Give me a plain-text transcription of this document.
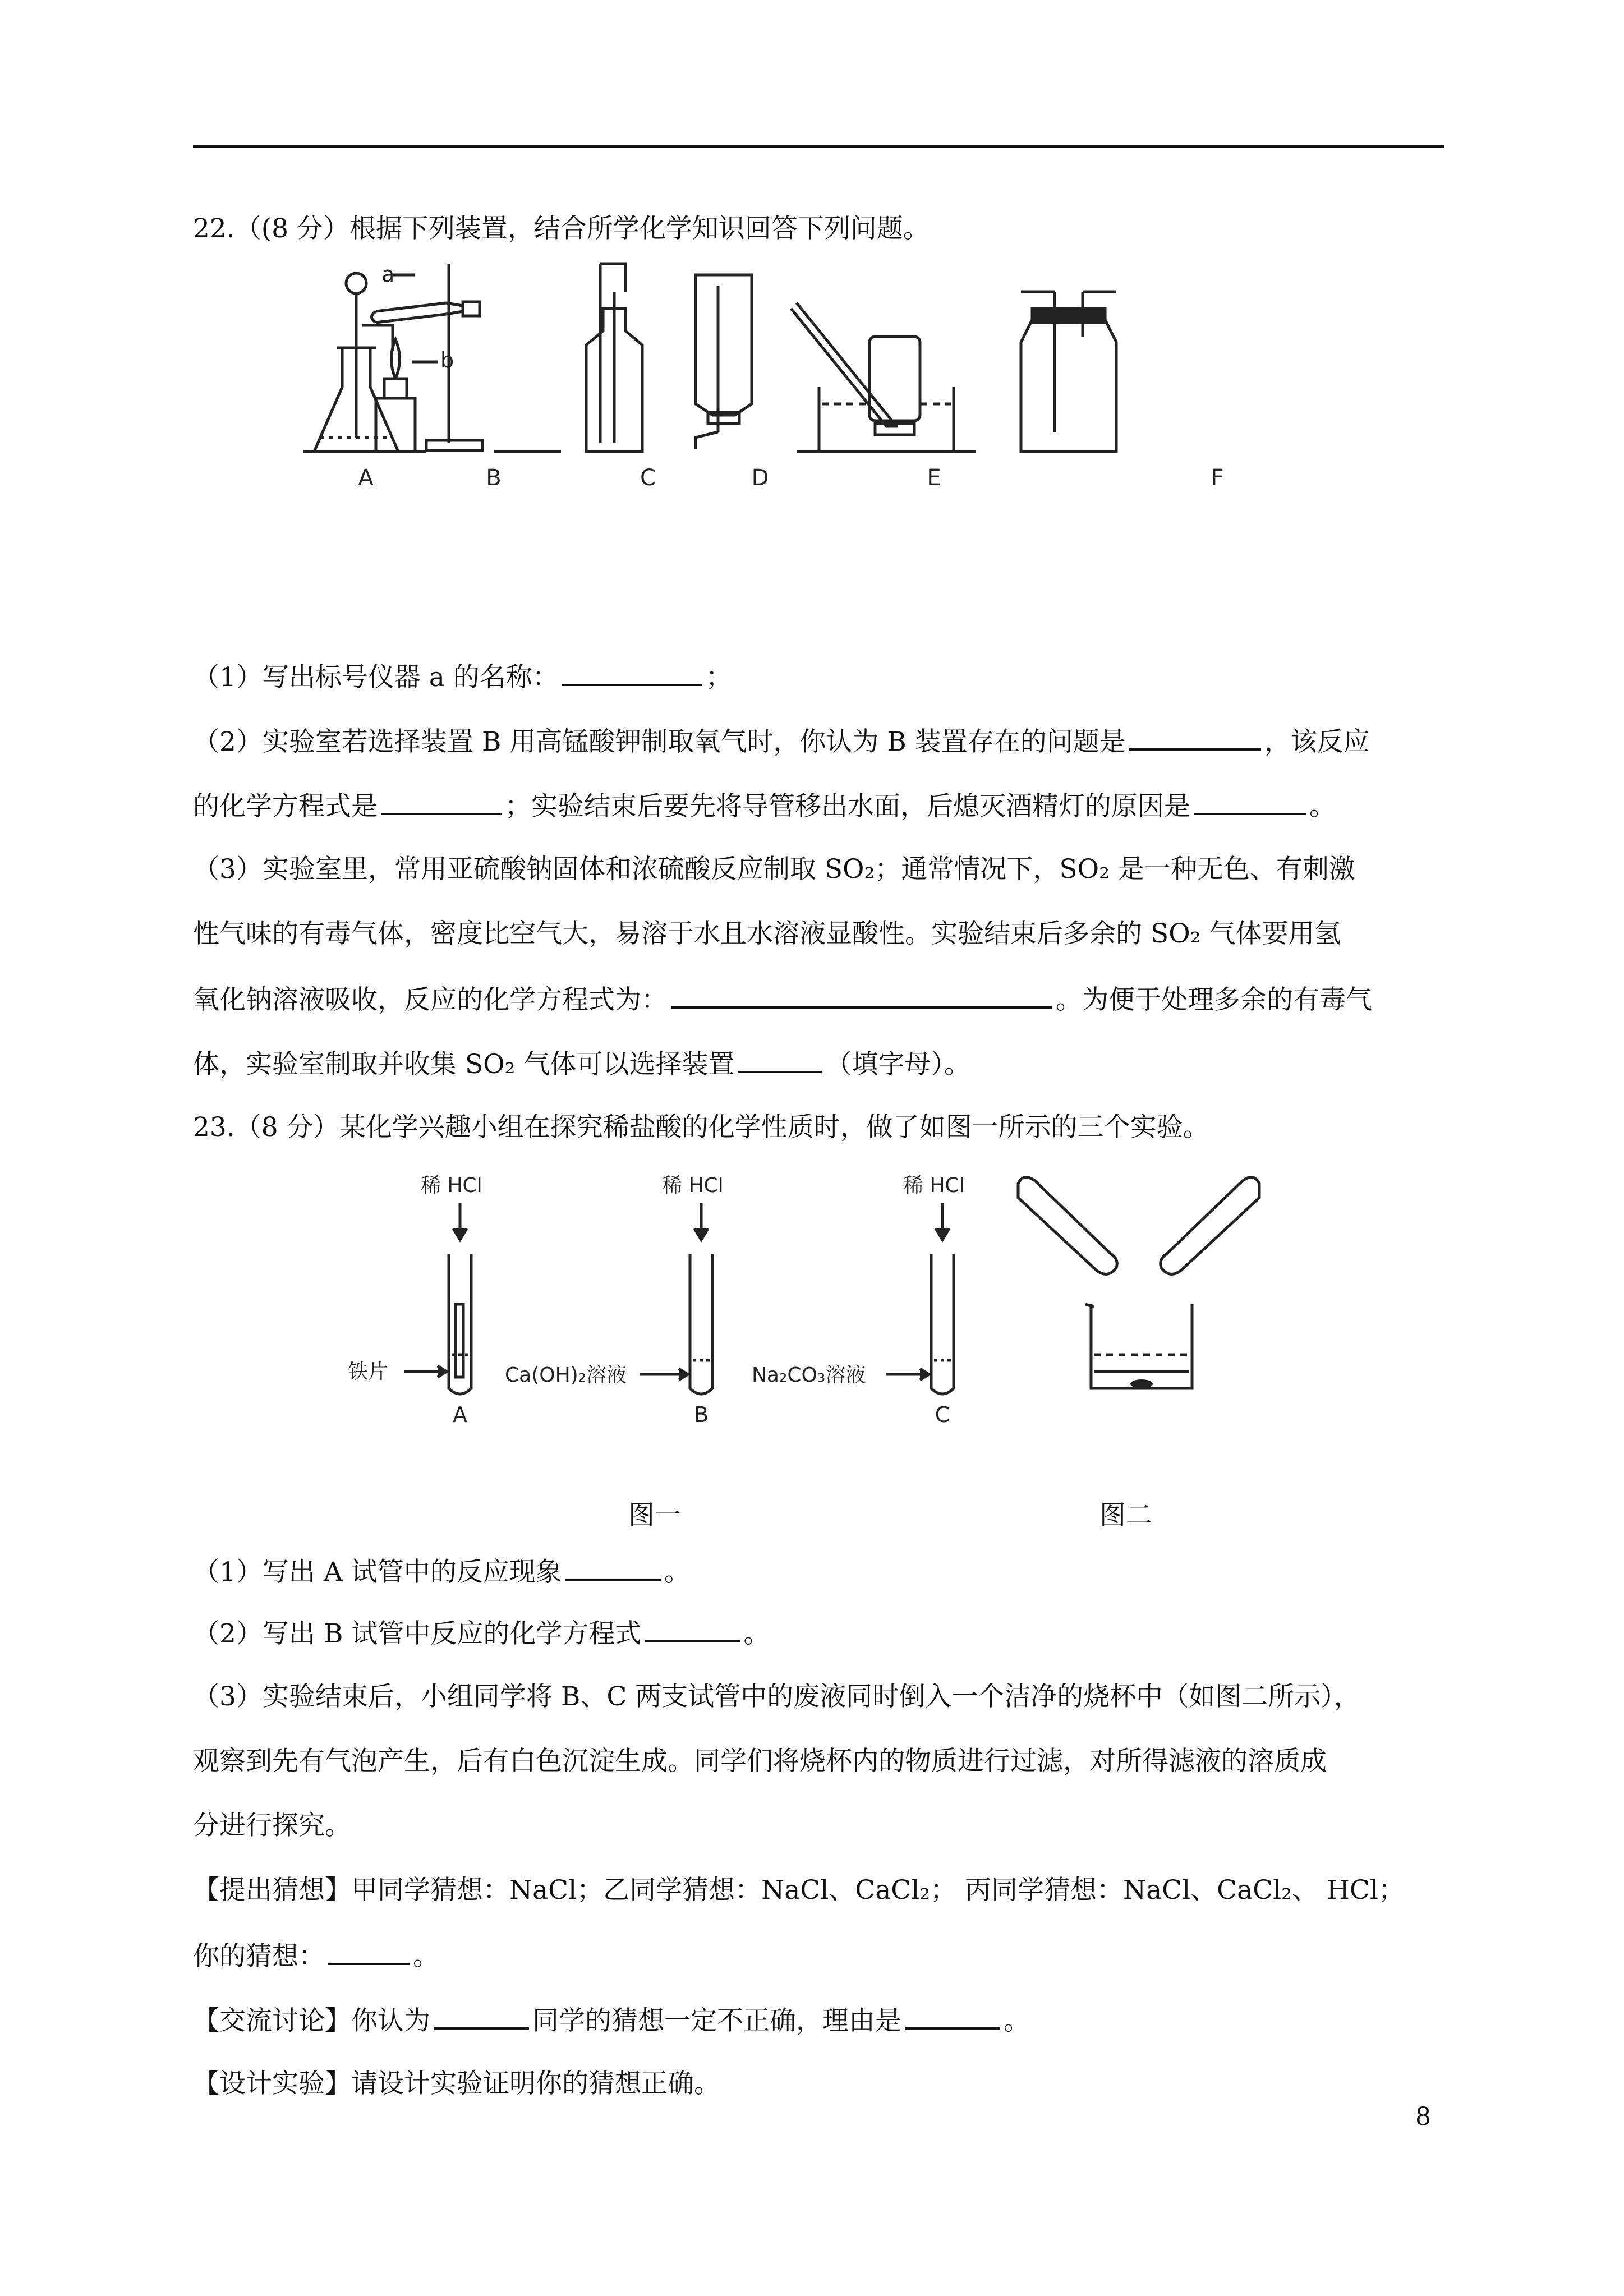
22.（(8 分）根据下列装置，结合所学化学知识回答下列问题。
a
b
A	B	C	D	E	F
（1）写出标号仪器 a 的名称：	；
（2）实验室若选择装置 B 用高锰酸钾制取氧气时，你认为 B 装置存在的问题是	，该反应
的化学方程式是	；实验结束后要先将导管移出水面，后熄灭酒精灯的原因是	。
（3）实验室里，常用亚硫酸钠固体和浓硫酸反应制取 SO₂；通常情况下，SO₂ 是一种无色、有刺激
性气味的有毒气体，密度比空气大，易溶于水且水溶液显酸性。实验结束后多余的 SO₂ 气体要用氢
氧化钠溶液吸收，反应的化学方程式为：	。为便于处理多余的有毒气
体，实验室制取并收集 SO₂ 气体可以选择装置	（填字母）。
23.（8 分）某化学兴趣小组在探究稀盐酸的化学性质时，做了如图一所示的三个实验。
稀 HCl	稀 HCl	稀 HCl
铁片	Ca(OH)₂溶液	Na₂CO₃溶液
A	B	C
图一	图二
（1）写出 A 试管中的反应现象	。
（2）写出 B 试管中反应的化学方程式	。
（3）实验结束后，小组同学将 B、C 两支试管中的废液同时倒入一个洁净的烧杯中（如图二所示），
观察到先有气泡产生，后有白色沉淀生成。同学们将烧杯内的物质进行过滤，对所得滤液的溶质成
分进行探究。
【提出猜想】甲同学猜想：NaCl；乙同学猜想：NaCl、CaCl₂； 丙同学猜想：NaCl、CaCl₂、 HCl；
你的猜想：	。
【交流讨论】你认为	同学的猜想一定不正确，理由是	。
【设计实验】请设计实验证明你的猜想正确。
8
